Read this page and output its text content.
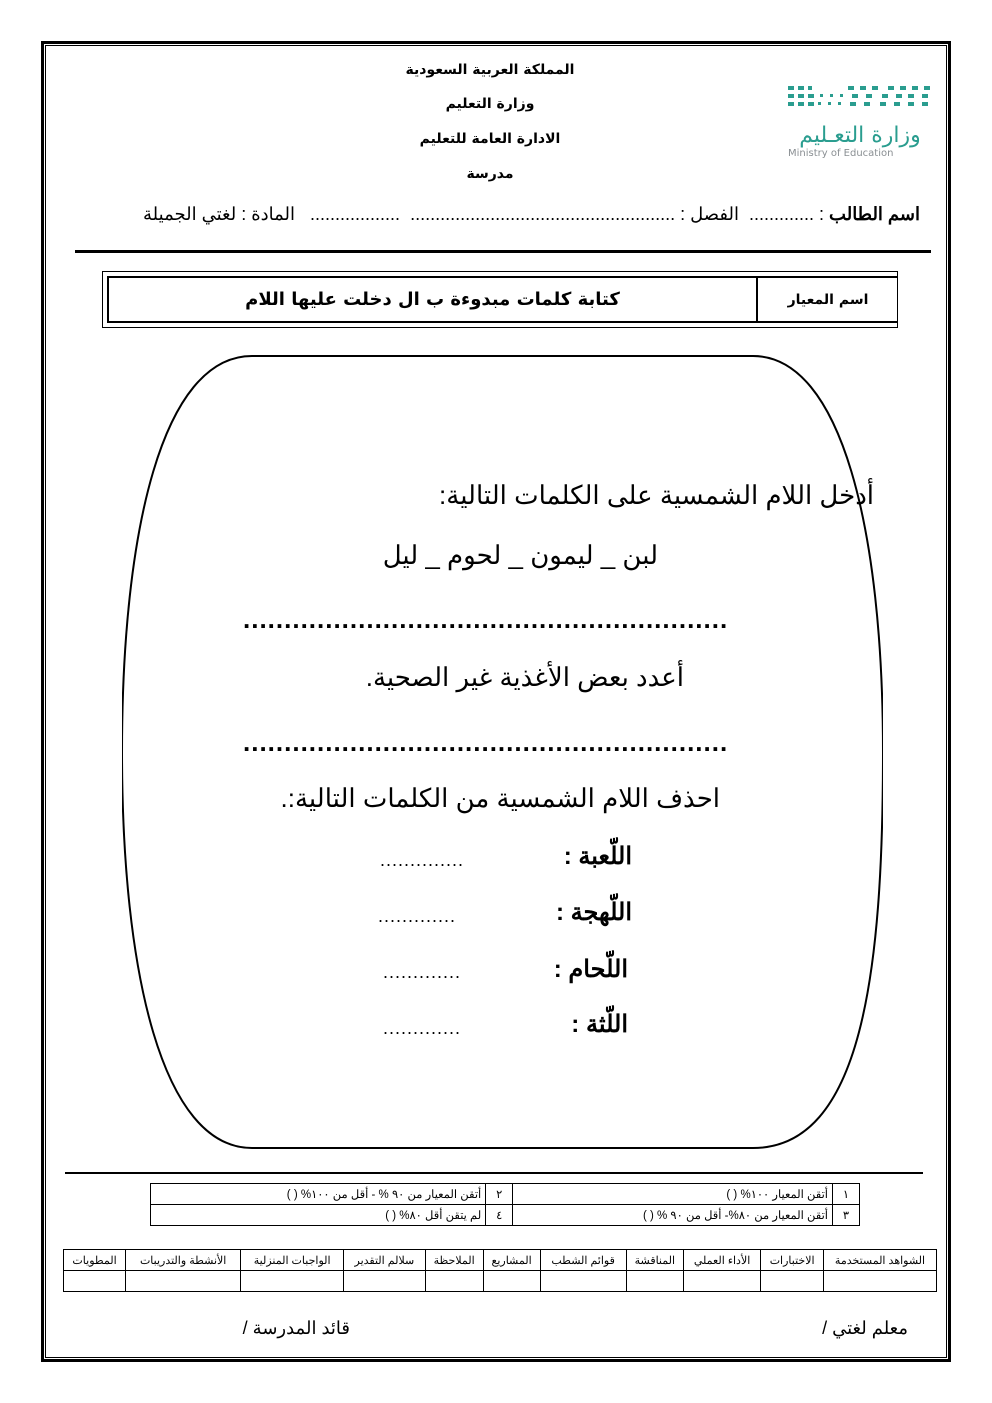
المملكة العربية السعودية
وزارة التعليم
الادارة العامة للتعليم
مدرسة
وزارة التعـليم
Ministry of Education
اسم الطالب : .............  الفصل : .....................................................  ..................   المادة : لغتي الجميلة
اسم المعيار
كتابة كلمات مبدوءة ب ال دخلت عليها اللام
أدخل اللام الشمسية على الكلمات التالية:
لبن _ ليمون _ لحوم _ ليل
...........................................................
أعدد بعض الأغذية غير الصحية.
...........................................................
احذف اللام الشمسية من الكلمات التالية:.
اللّعبة :
..............
اللّهجة :
.............
اللّحام :
.............
اللّثة :
.............
١	أتقن المعيار ١٠٠% ( )	٢	أتقن المعيار من ٩٠ % - أقل من ١٠٠% ( )
٣	أتقن المعيار من ٨٠%- أقل من ٩٠ % ( )	٤	لم يتقن أقل ٨٠% ( )
الشواهد المستخدمة	الاختبارات	الأداء العملي	المناقشة	قوائم الشطب	المشاريع	الملاحظة	سلالم التقدير	الواجبات المنزلية	الأنشطة والتدريبات	المطويات

معلم لغتي /
قائد المدرسة /
